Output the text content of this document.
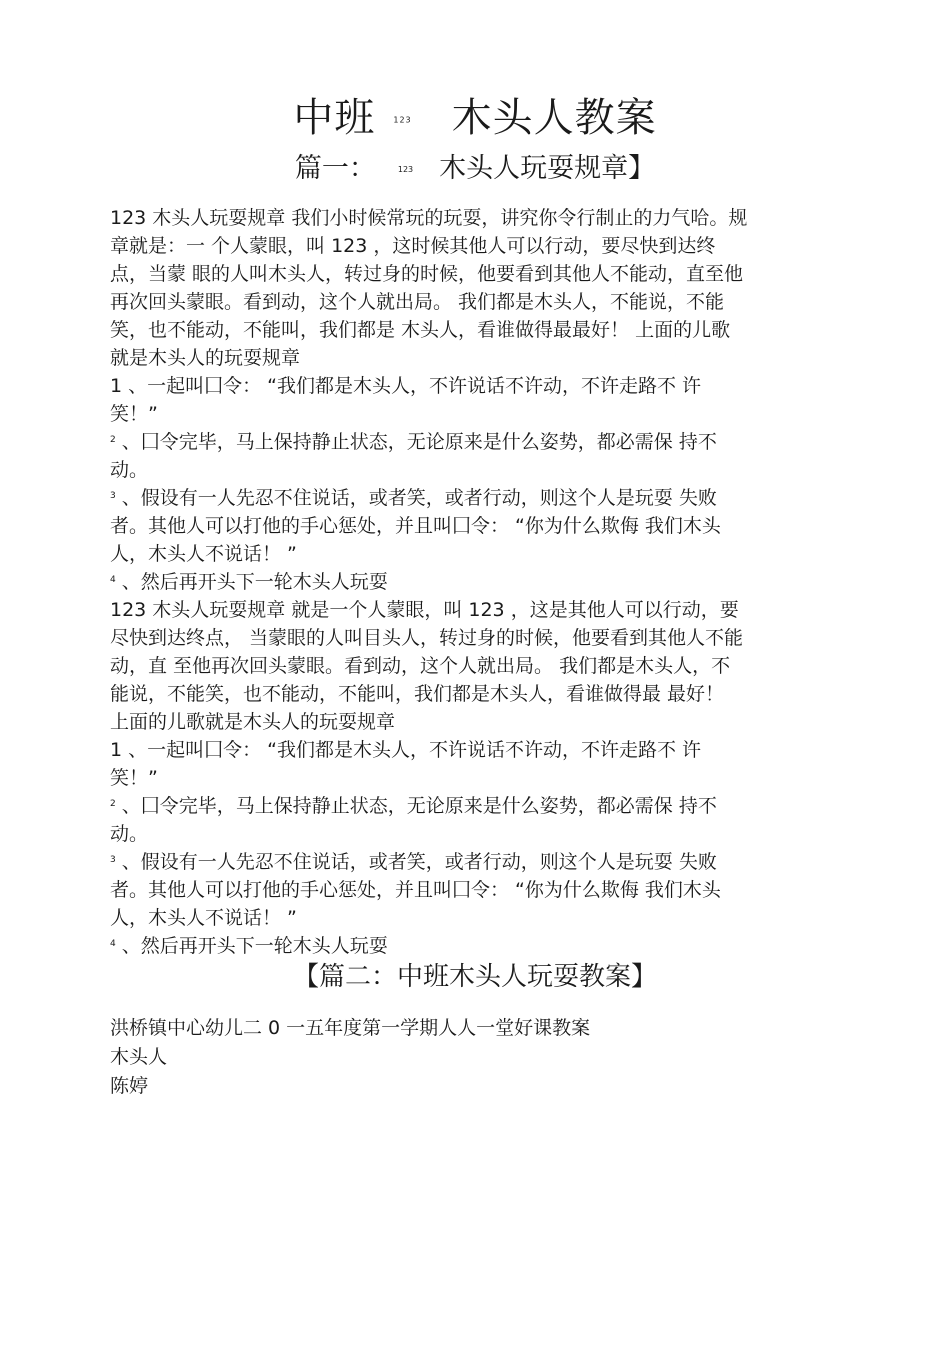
中班 123 木头人教案
篇一：	123 木头人玩耍规章】
123 木头人玩耍规章 我们小时候常玩的玩耍，讲究你令行制止的力气哈。规
章就是：一 个人蒙眼，叫 123 ，这时候其他人可以行动，要尽快到达终
点，当蒙 眼的人叫木头人，转过身的时候，他要看到其他人不能动，直至他
再次回头蒙眼。看到动，这个人就出局。 我们都是木头人，不能说，不能
笑，也不能动，不能叫，我们都是 木头人，看谁做得最最好！ 上面的儿歌
就是木头人的玩耍规章
1 、一起叫囗令： “我们都是木头人，不许说话不许动，不许走路不 许
笑！”
$^2$ 、囗令完毕，马上保持静止状态，无论原来是什么姿势，都必需保 持不
动。
$^3$ 、假设有一人先忍不住说话，或者笑，或者行动，则这个人是玩耍 失败
者。其他人可以打他的手心惩处，并且叫囗令： “你为什么欺侮 我们木头
人，木头人不说话！ ”
$^4$ 、然后再开头下一轮木头人玩耍
123 木头人玩耍规章 就是一个人蒙眼，叫 123 ，这是其他人可以行动，要
尽快到达终点， 当蒙眼的人叫目头人，转过身的时候，他要看到其他人不能
动，直 至他再次回头蒙眼。看到动，这个人就出局。 我们都是木头人，不
能说，不能笑，也不能动，不能叫，我们都是木头人，看谁做得最 最好！
上面的儿歌就是木头人的玩耍规章
1 、一起叫囗令： “我们都是木头人，不许说话不许动，不许走路不 许
笑！”
$^2$ 、囗令完毕，马上保持静止状态，无论原来是什么姿势，都必需保 持不
动。
$^3$ 、假设有一人先忍不住说话，或者笑，或者行动，则这个人是玩耍 失败
者。其他人可以打他的手心惩处，并且叫囗令： “你为什么欺侮 我们木头
人，木头人不说话！ ”
$^4$ 、然后再开头下一轮木头人玩耍
【篇二：中班木头人玩耍教案】
洪桥镇中心幼儿二 0 一五年度第一学期人人一堂好课教案
木头人
陈婷
